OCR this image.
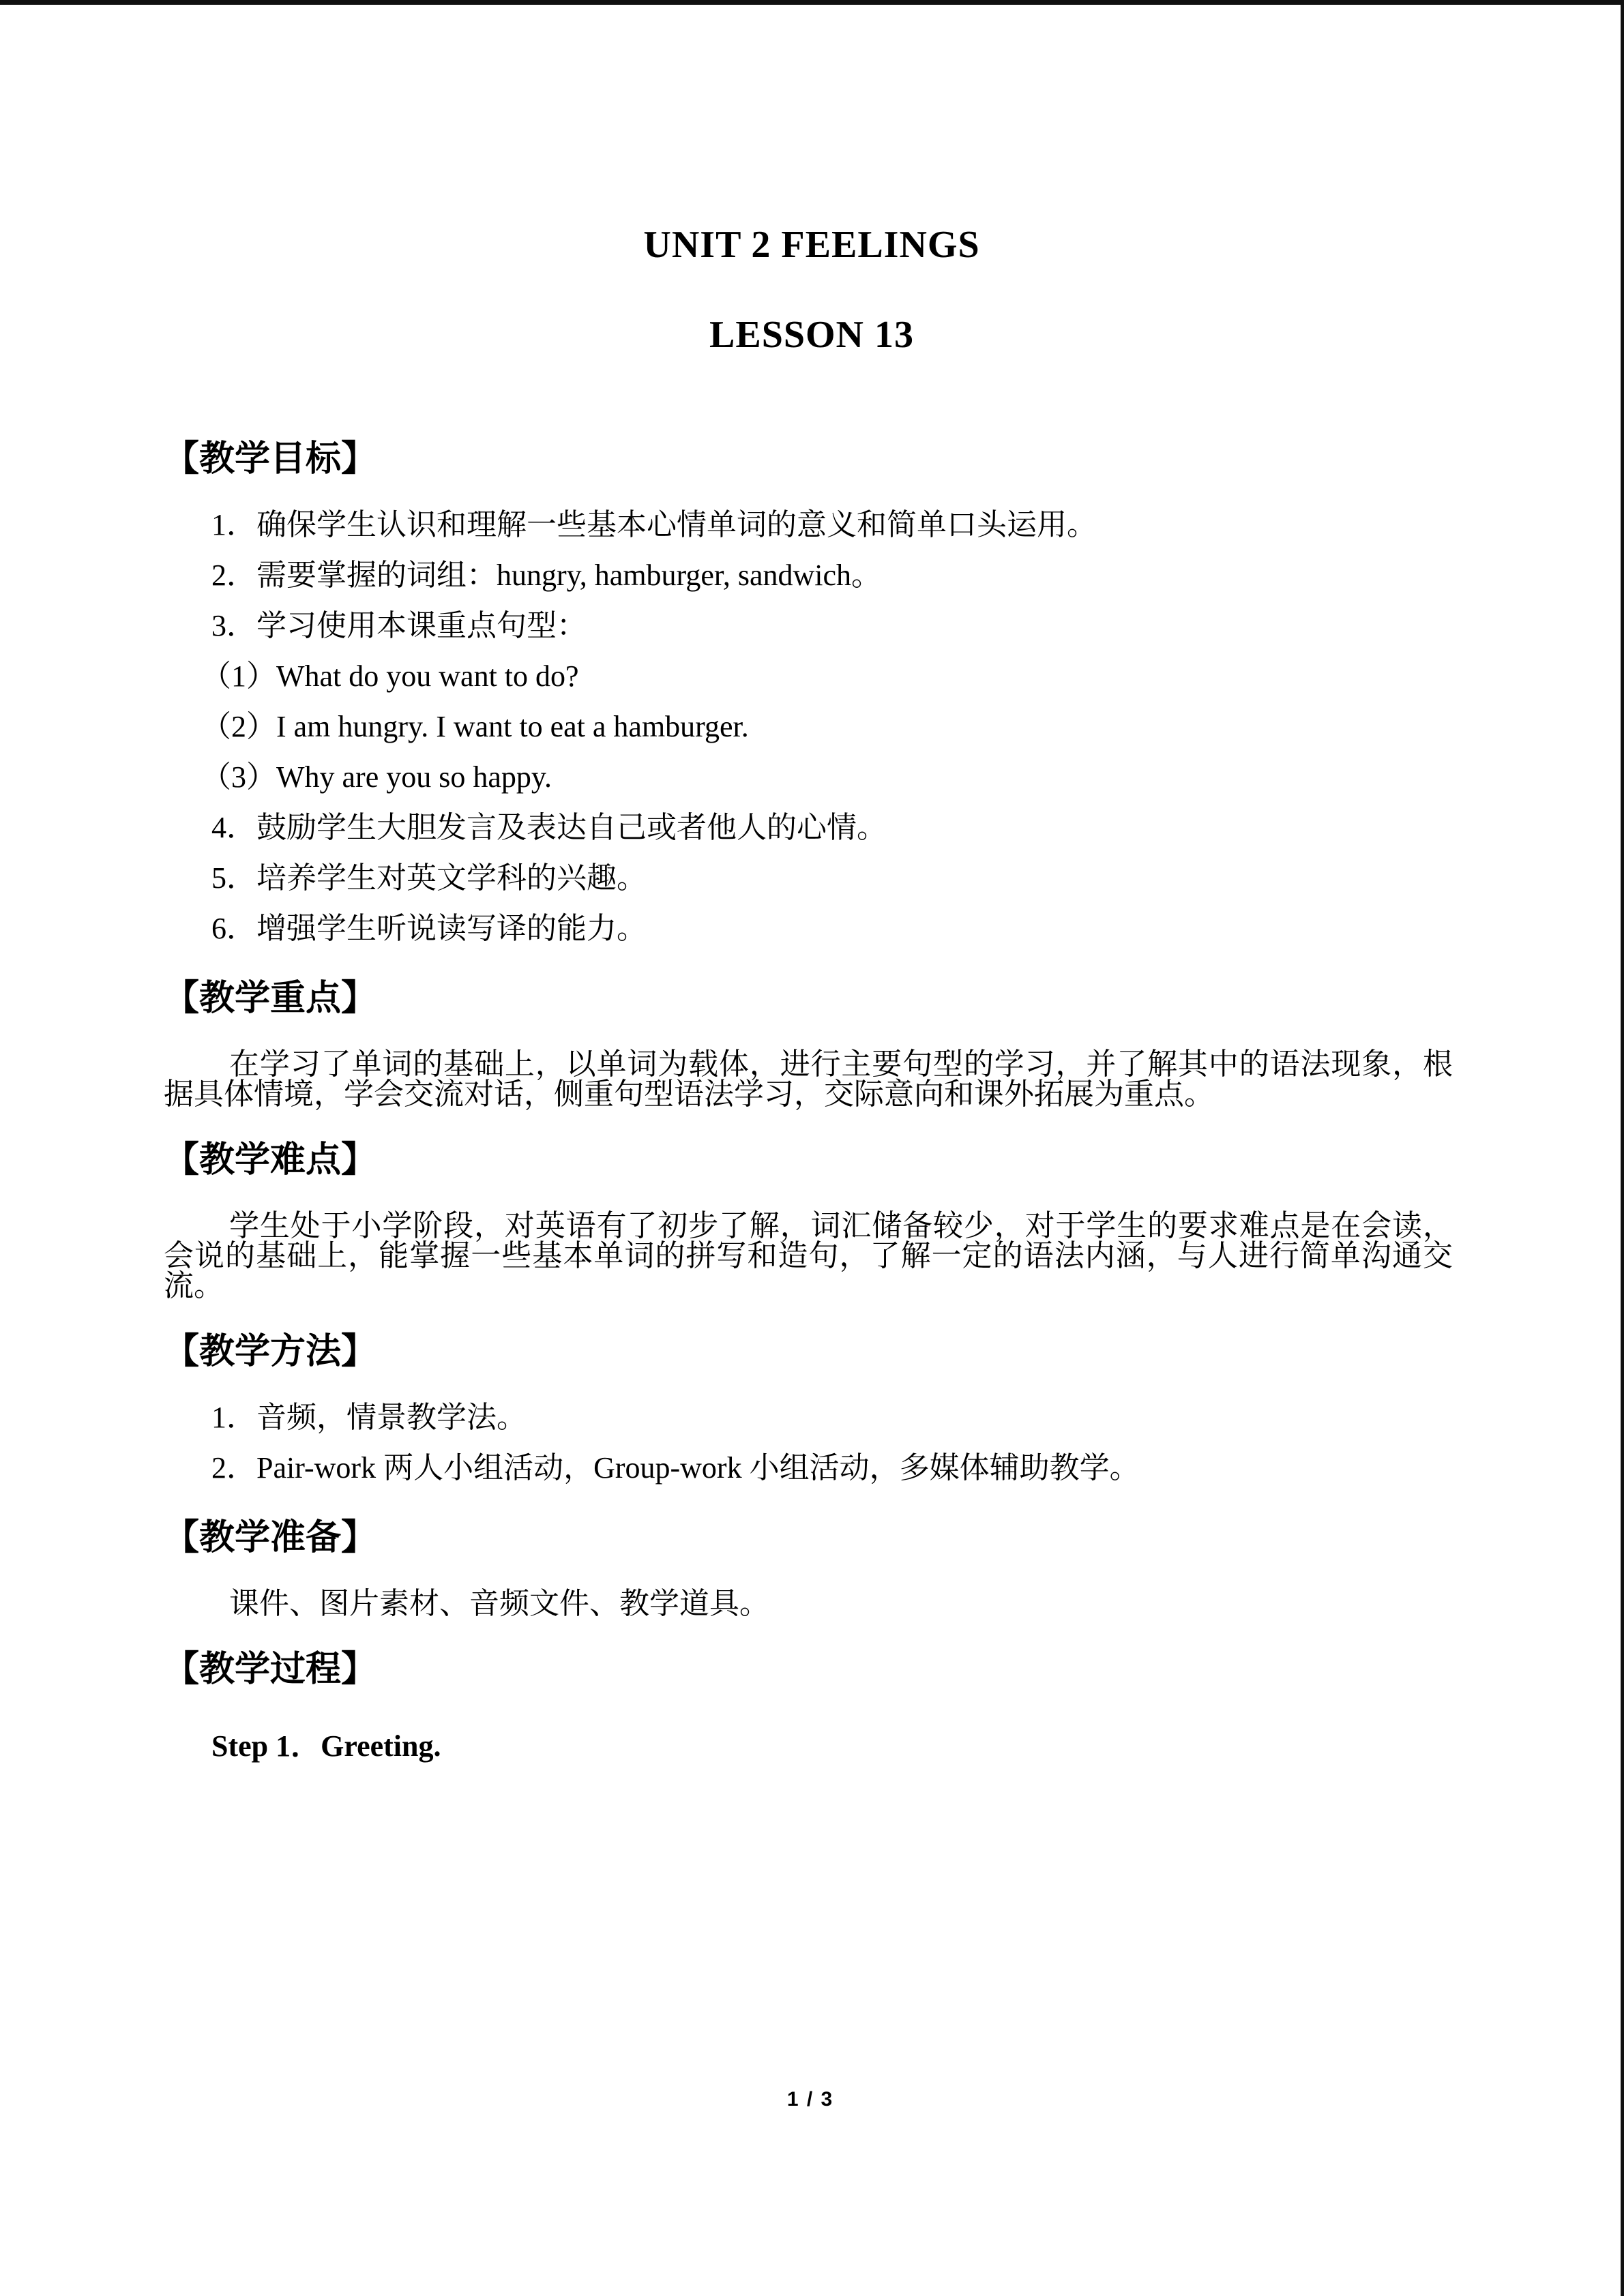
UNIT 2 FEELINGS
LESSON 13
【教学目标】
1．确保学生认识和理解一些基本心情单词的意义和简单口头运用。
2．需要掌握的词组：hungry, hamburger, sandwich。
3．学习使用本课重点句型：
（1）What do you want to do?
（2）I am hungry. I want to eat a hamburger.
（3）Why are you so happy.
4．鼓励学生大胆发言及表达自己或者他人的心情。
5．培养学生对英文学科的兴趣。
6．增强学生听说读写译的能力。
【教学重点】
在学习了单词的基础上，以单词为载体，进行主要句型的学习，并了解其中的语法现象，根据具体情境，学会交流对话，侧重句型语法学习，交际意向和课外拓展为重点。
【教学难点】
学生处于小学阶段，对英语有了初步了解，词汇储备较少，对于学生的要求难点是在会读，会说的基础上，能掌握一些基本单词的拼写和造句，了解一定的语法内涵，与人进行简单沟通交流。
【教学方法】
1．音频，情景教学法。
2．Pair-work 两人小组活动，Group-work 小组活动，多媒体辅助教学。
【教学准备】
课件、图片素材、音频文件、教学道具。
【教学过程】
Step 1．Greeting.
1 / 3
